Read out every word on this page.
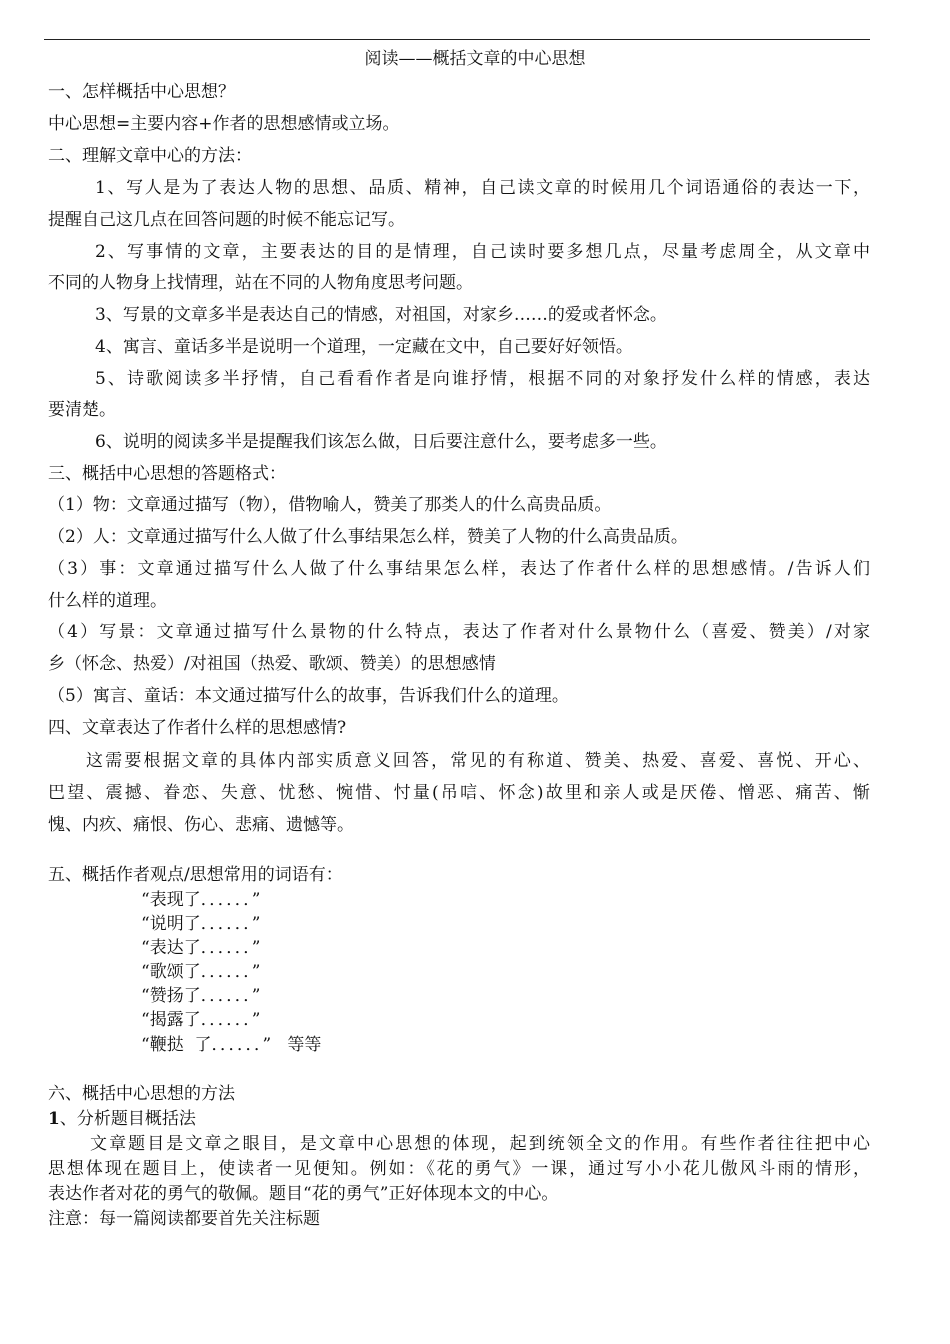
阅读——概括文章的中心思想
一、怎样概括中心思想？
中心思想=主要内容+作者的思想感情或立场。
二、理解文章中心的方法：
1、写人是为了表达人物的思想、品质、精神，自己读文章的时候用几个词语通俗的表达一下，
提醒自己这几点在回答问题的时候不能忘记写。
2、写事情的文章，主要表达的目的是情理，自己读时要多想几点，尽量考虑周全，从文章中
不同的人物身上找情理，站在不同的人物角度思考问题。
3、写景的文章多半是表达自己的情感，对祖国，对家乡……的爱或者怀念。
4、寓言、童话多半是说明一个道理，一定藏在文中，自己要好好领悟。
5、诗歌阅读多半抒情，自己看看作者是向谁抒情，根据不同的对象抒发什么样的情感，表达
要清楚。
6、说明的阅读多半是提醒我们该怎么做，日后要注意什么，要考虑多一些。
三、概括中心思想的答题格式：
（1）物：文章通过描写（物），借物喻人，赞美了那类人的什么高贵品质。
（2）人：文章通过描写什么人做了什么事结果怎么样，赞美了人物的什么高贵品质。
（3）事：文章通过描写什么人做了什么事结果怎么样，表达了作者什么样的思想感情。/告诉人们
什么样的道理。
（4）写景：文章通过描写什么景物的什么特点，表达了作者对什么景物什么（喜爱、赞美）/对家
乡（怀念、热爱）/对祖国（热爱、歌颂、赞美）的思想感情
（5）寓言、童话：本文通过描写什么的故事，告诉我们什么的道理。
四、文章表达了作者什么样的思想感情?
这需要根据文章的具体内部实质意义回答，常见的有称道、赞美、热爱、喜爱、喜悦、开心、
巴望、震撼、眷恋、失意、忧愁、惋惜、忖量(吊唁、怀念)故里和亲人或是厌倦、憎恶、痛苦、惭
愧、内疚、痛恨、伤心、悲痛、遗憾等。
五、概括作者观点/思想常用的词语有：
“表现了．．．．．．”
“说明了．．．．．．”
“表达了．．．．．．”
“歌颂了．．．．．．”
“赞扬了．．．．．．”
“揭露了．．．．．．”
“鞭挞  了．．．．．．”   等等
六、概括中心思想的方法
1、分析题目概括法
文章题目是文章之眼目，是文章中心思想的体现，起到统领全文的作用。有些作者往往把中心
思想体现在题目上，使读者一见便知。例如：《花的勇气》一课，通过写小小花儿傲风斗雨的情形，
表达作者对花的勇气的敬佩。题目“花的勇气”正好体现本文的中心。
注意：每一篇阅读都要首先关注标题
